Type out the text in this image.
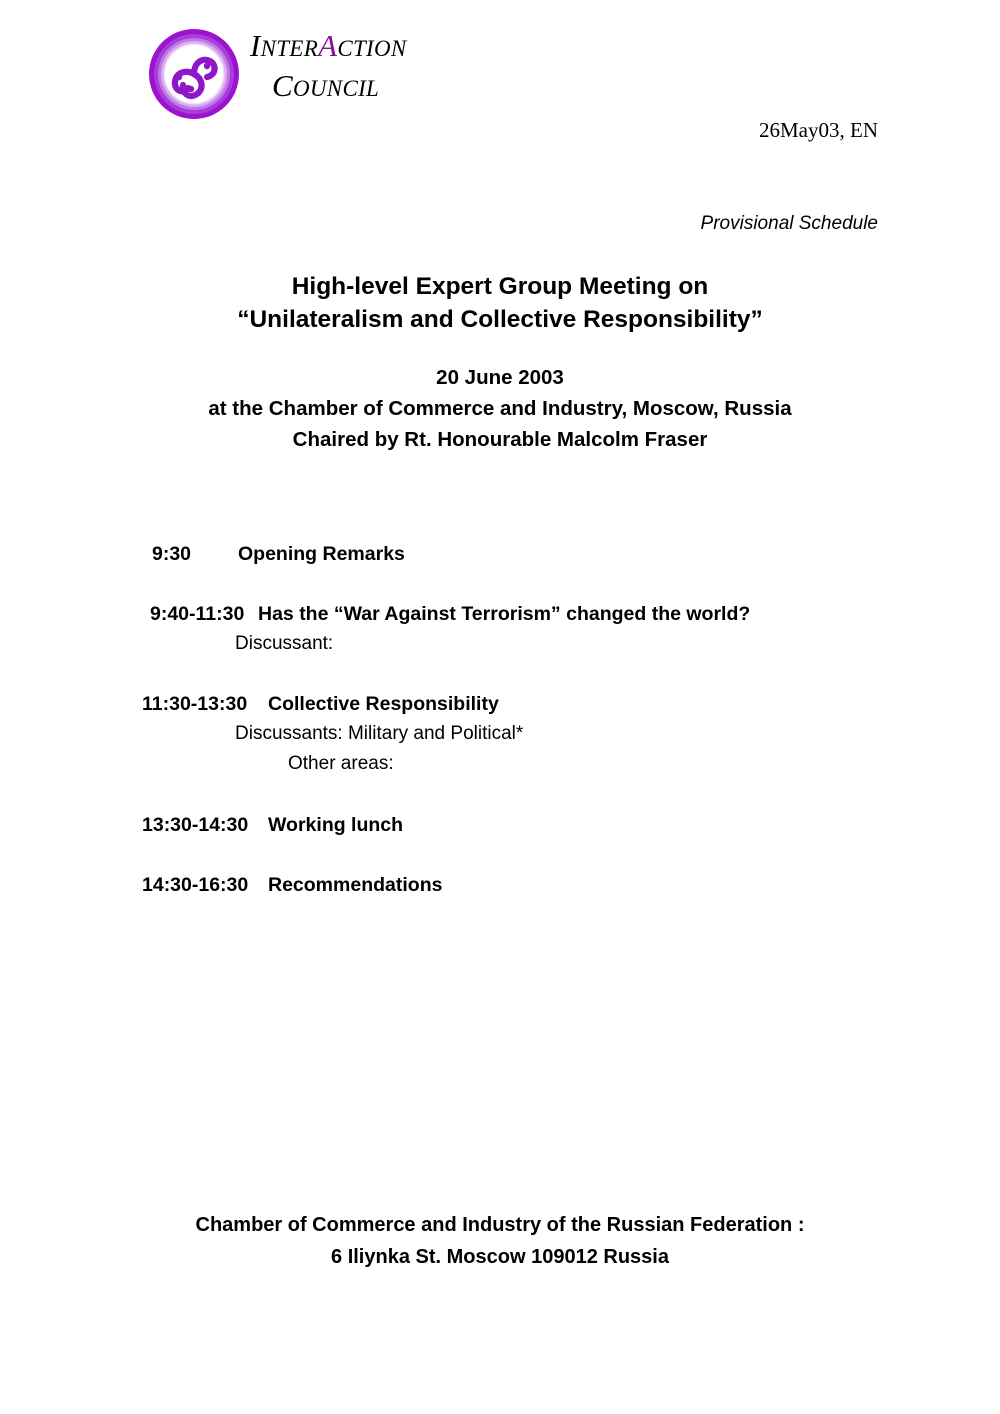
INTERACTION
COUNCIL
26May03, EN
Provisional Schedule
High-level Expert Group Meeting on
“Unilateralism and Collective Responsibility”
20 June 2003
at the Chamber of Commerce and Industry, Moscow, Russia
Chaired by Rt. Honourable Malcolm Fraser
9:30	Opening Remarks
9:40-11:30 Has the “War Against Terrorism” changed the world?
Discussant:
11:30-13:30	Collective Responsibility
Discussants: Military and Political*
Other areas:
13:30-14:30 Working lunch
14:30-16:30 Recommendations
Chamber of Commerce and Industry of the Russian Federation :
6 Iliynka St. Moscow 109012 Russia
